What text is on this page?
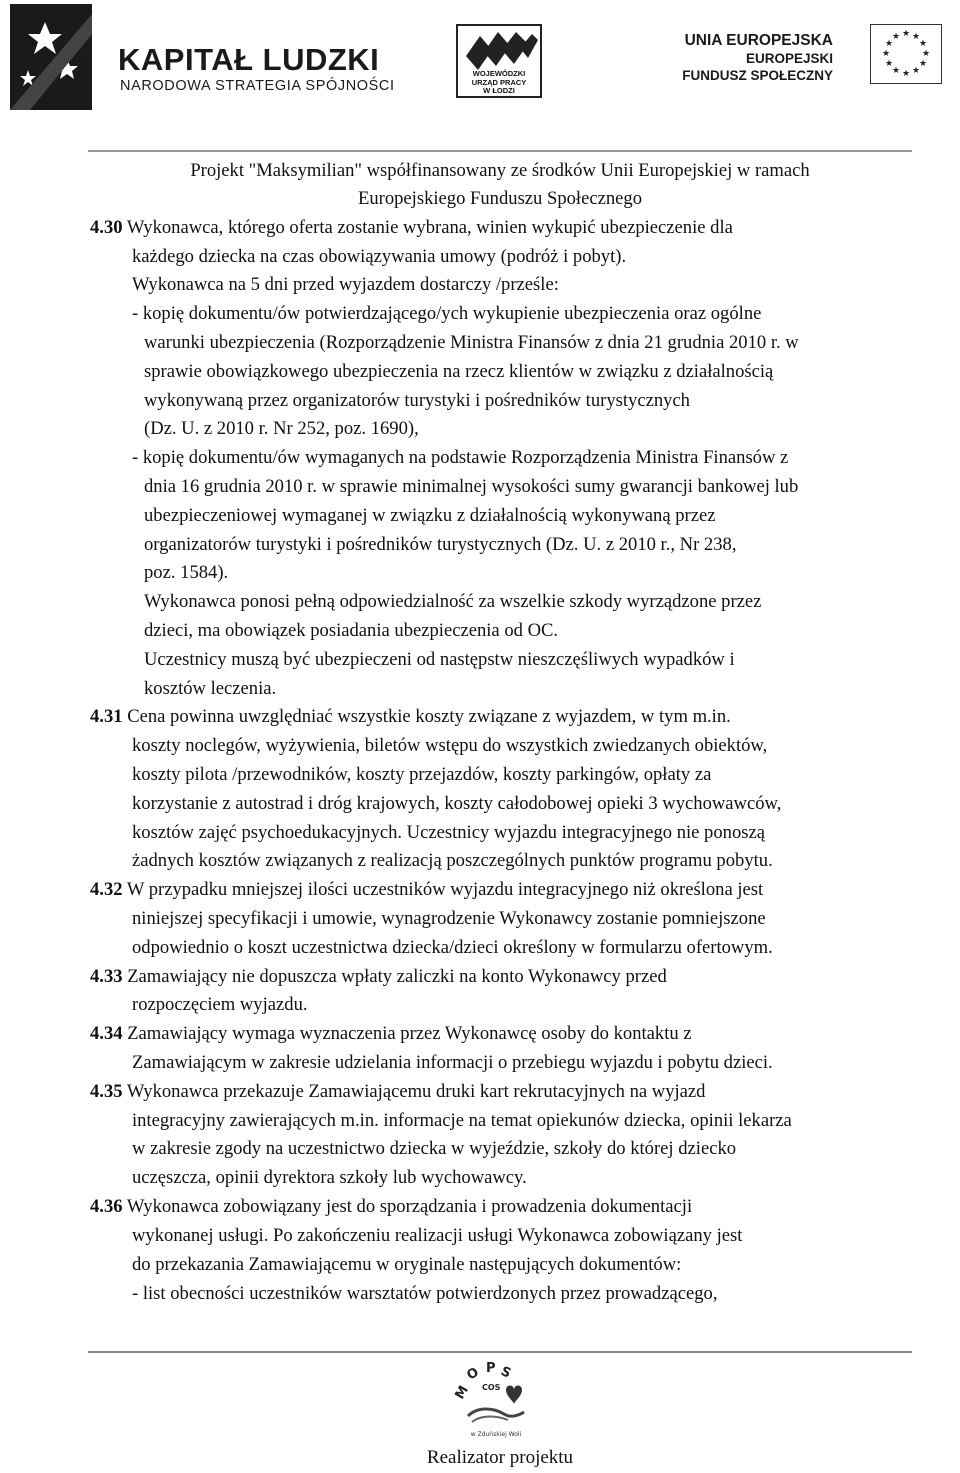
KAPITAŁ LUDZKI
NARODOWA STRATEGIA SPÓJNOŚCI
WOJEWÓDZKI
URZĄD PRACY
W ŁODZI
UNIA EUROPEJSKA
EUROPEJSKI
FUNDUSZ SPOŁECZNY
★ ★
★
★
★
★
★
★
★
★
★
★
Projekt "Maksymilian" współfinansowany ze środków Unii Europejskiej w ramach
Europejskiego Funduszu Społecznego
4.30 Wykonawca, którego oferta zostanie wybrana, winien wykupić ubezpieczenie dla
każdego dziecka na czas obowiązywania umowy (podróż i pobyt).
Wykonawca na 5 dni przed wyjazdem dostarczy /prześle:
- kopię dokumentu/ów potwierdzającego/ych wykupienie ubezpieczenia oraz ogólne
warunki ubezpieczenia (Rozporządzenie Ministra Finansów z dnia 21 grudnia 2010 r. w
sprawie obowiązkowego ubezpieczenia na rzecz klientów w związku z działalnością
wykonywaną przez organizatorów turystyki i pośredników turystycznych
(Dz. U. z 2010 r. Nr 252, poz. 1690),
- kopię dokumentu/ów wymaganych na podstawie Rozporządzenia Ministra Finansów z
dnia 16 grudnia 2010 r. w sprawie minimalnej wysokości sumy gwarancji bankowej lub
ubezpieczeniowej wymaganej w związku z działalnością wykonywaną przez
organizatorów turystyki i pośredników turystycznych (Dz. U. z 2010 r., Nr 238,
poz. 1584).
Wykonawca ponosi pełną odpowiedzialność za wszelkie szkody wyrządzone przez
dzieci, ma obowiązek posiadania ubezpieczenia od OC.
Uczestnicy muszą być ubezpieczeni od następstw nieszczęśliwych wypadków i
kosztów leczenia.
4.31 Cena powinna uwzględniać wszystkie koszty związane z wyjazdem, w tym m.in.
koszty noclegów, wyżywienia, biletów wstępu do wszystkich zwiedzanych obiektów,
koszty pilota /przewodników, koszty przejazdów, koszty parkingów, opłaty za
korzystanie z autostrad i dróg krajowych, koszty całodobowej opieki 3 wychowawców,
kosztów zajęć psychoedukacyjnych. Uczestnicy wyjazdu integracyjnego nie ponoszą
żadnych kosztów związanych z realizacją poszczególnych punktów programu pobytu.
4.32 W przypadku mniejszej ilości uczestników wyjazdu integracyjnego niż określona jest
niniejszej specyfikacji i umowie, wynagrodzenie Wykonawcy zostanie pomniejszone
odpowiednio o koszt uczestnictwa dziecka/dzieci określony w formularzu ofertowym.
4.33 Zamawiający nie dopuszcza wpłaty zaliczki na konto Wykonawcy przed
rozpoczęciem wyjazdu.
4.34 Zamawiający wymaga wyznaczenia przez Wykonawcę osoby do kontaktu z
Zamawiającym w zakresie udzielania informacji o przebiegu wyjazdu i pobytu dzieci.
4.35 Wykonawca przekazuje Zamawiającemu druki kart rekrutacyjnych na wyjazd
integracyjny zawierających m.in. informacje na temat opiekunów dziecka, opinii lekarza
w zakresie zgody na uczestnictwo dziecka w wyjeździe, szkoły do której dziecko
uczęszcza, opinii dyrektora szkoły lub wychowawcy.
4.36 Wykonawca zobowiązany jest do sporządzania i prowadzenia dokumentacji
wykonanej usługi. Po zakończeniu realizacji usługi Wykonawca zobowiązany jest
do przekazania Zamawiającemu w oryginale następujących dokumentów:
- list obecności uczestników warsztatów potwierdzonych przez prowadzącego,
M
O P S
COS
w Zduńskiej Woli
Realizator projektu
